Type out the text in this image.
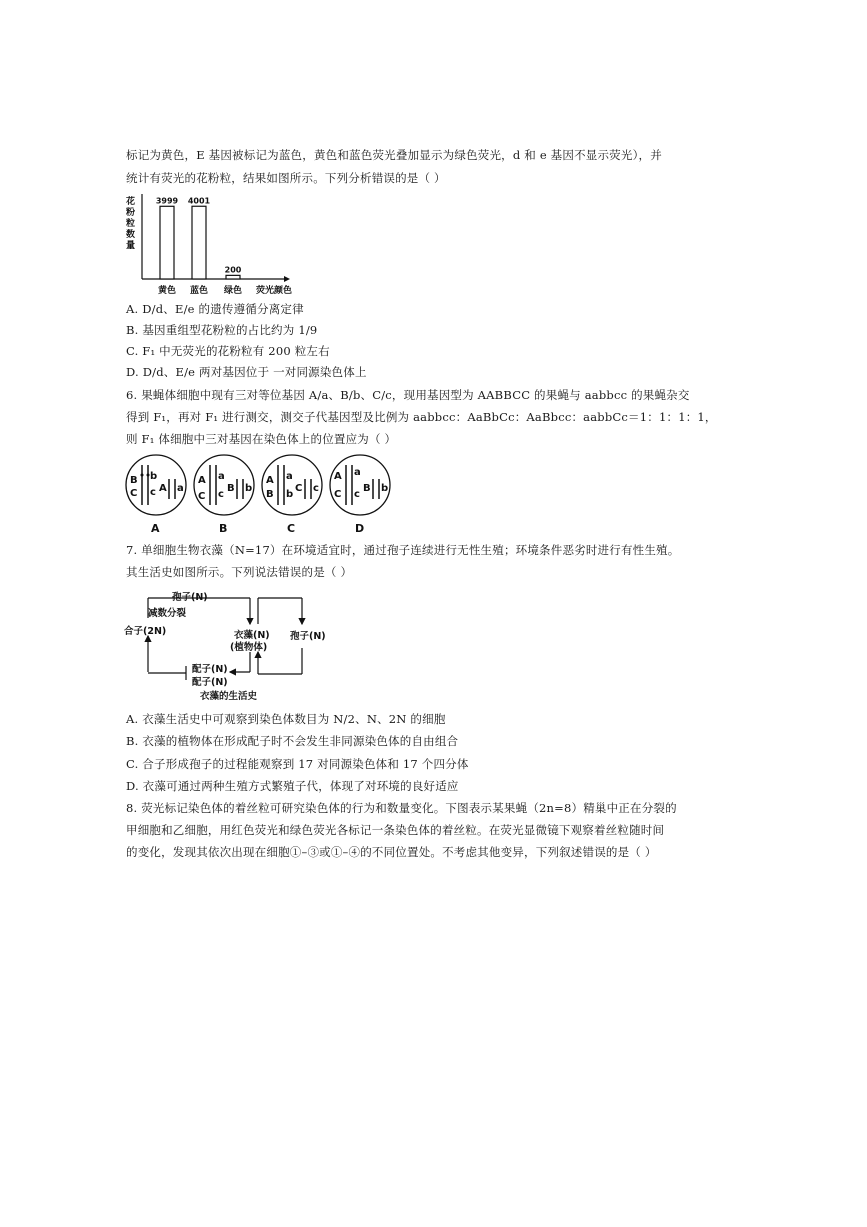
标记为黄色，E 基因被标记为蓝色，黄色和蓝色荧光叠加显示为绿色荧光，d 和 e 基因不显示荧光），并
统计有荧光的花粉粒，结果如图所示。下列分析错误的是（ ）
花
粉
粒
数
量
3999
黄色
4001
蓝色
200
绿色 荧光颜色
A. D/d、E/e 的遗传遵循分离定律
B. 基因重组型花粉粒的占比约为 1/9
C. F₁ 中无荧光的花粉粒有 200 粒左右
D. D/d、E/e 两对基因位于 一对同源染色体上
6. 果蝇体细胞中现有三对等位基因 A/a、B/b、C/c，现用基因型为 AABBCC 的果蝇与 aabbcc 的果蝇杂交
得到 F₁，再对 F₁ 进行测交，测交子代基因型及比例为 aabbcc：AaBbCc：AaBbcc：aabbCc＝1：1：1：1，
则 F₁ 体细胞中三对基因在染色体上的位置应为（ ）
B
C
b
c A a
A
C
a
c
B b
A
B
a
b
C c
A
C
a
c
B b
A	B	C	D
7. 单细胞生物衣藻（N=17）在环境适宜时，通过孢子连续进行无性生殖；环境条件恶劣时进行有性生殖。
其生活史如图所示。下列说法错误的是（ ）
孢子(N)
减数分裂
合子(2N)	衣藻(N)
(植物体)
孢子(N)
配子(N)
配子(N)
衣藻的生活史
A. 衣藻生活史中可观察到染色体数目为 N/2、N、2N 的细胞
B. 衣藻的植物体在形成配子时不会发生非同源染色体的自由组合
C. 合子形成孢子的过程能观察到 17 对同源染色体和 17 个四分体
D. 衣藻可通过两种生殖方式繁殖子代，体现了对环境的良好适应
8. 荧光标记染色体的着丝粒可研究染色体的行为和数量变化。下图表示某果蝇（2n=8）精巢中正在分裂的
甲细胞和乙细胞，用红色荧光和绿色荧光各标记一条染色体的着丝粒。在荧光显微镜下观察着丝粒随时间
的变化，发现其依次出现在细胞①–③或①–④的不同位置处。不考虑其他变异，下列叙述错误的是（ ）
